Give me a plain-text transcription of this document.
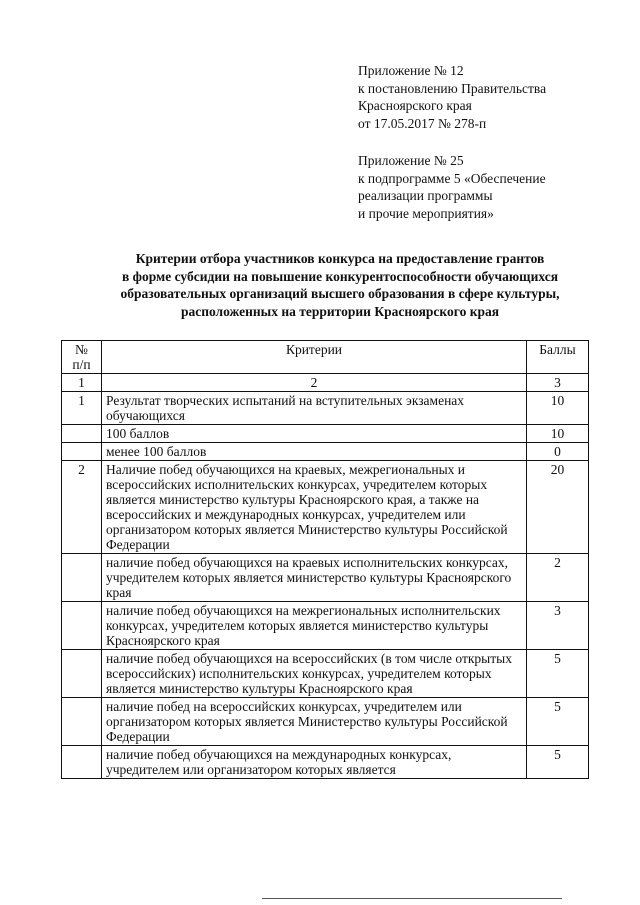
Приложение № 12
к постановлению Правительства
Красноярского края
от 17.05.2017 № 278-п
Приложение № 25
к подпрограмме 5 «Обеспечение
реализации программы
и прочие мероприятия»
Критерии отбора участников конкурса на предоставление грантов
в форме субсидии на повышение конкурентоспособности обучающихся
образовательных организаций высшего образования в сфере культуры,
расположенных на территории Красноярского края
№
п/п	Критерии	Баллы
1	2	3
1	Результат творческих испытаний на вступительных экзаменах обучающихся	10
	100 баллов	10
	менее 100 баллов	0
2	Наличие побед обучающихся на краевых, межрегиональных и всероссийских исполнительских конкурсах, учредителем которых является министерство культуры Красноярского края, а также на всероссийских и международных конкурсах, учредителем или организатором которых является Министерство культуры Российской Федерации	20
	наличие побед обучающихся на краевых исполнительских конкурсах, учредителем которых является министерство культуры Красноярского края	2
	наличие побед обучающихся на межрегиональных исполнительских конкурсах, учредителем которых является министерство культуры Красноярского края	3
	наличие побед обучающихся на всероссийских (в том числе открытых всероссийских) исполнительских конкурсах, учредителем которых является министерство культуры Красноярского края	5
	наличие побед на всероссийских конкурсах, учредителем или организатором которых является Министерство культуры Российской Федерации	5
	наличие побед обучающихся на международных конкурсах, учредителем или организатором которых является	5
